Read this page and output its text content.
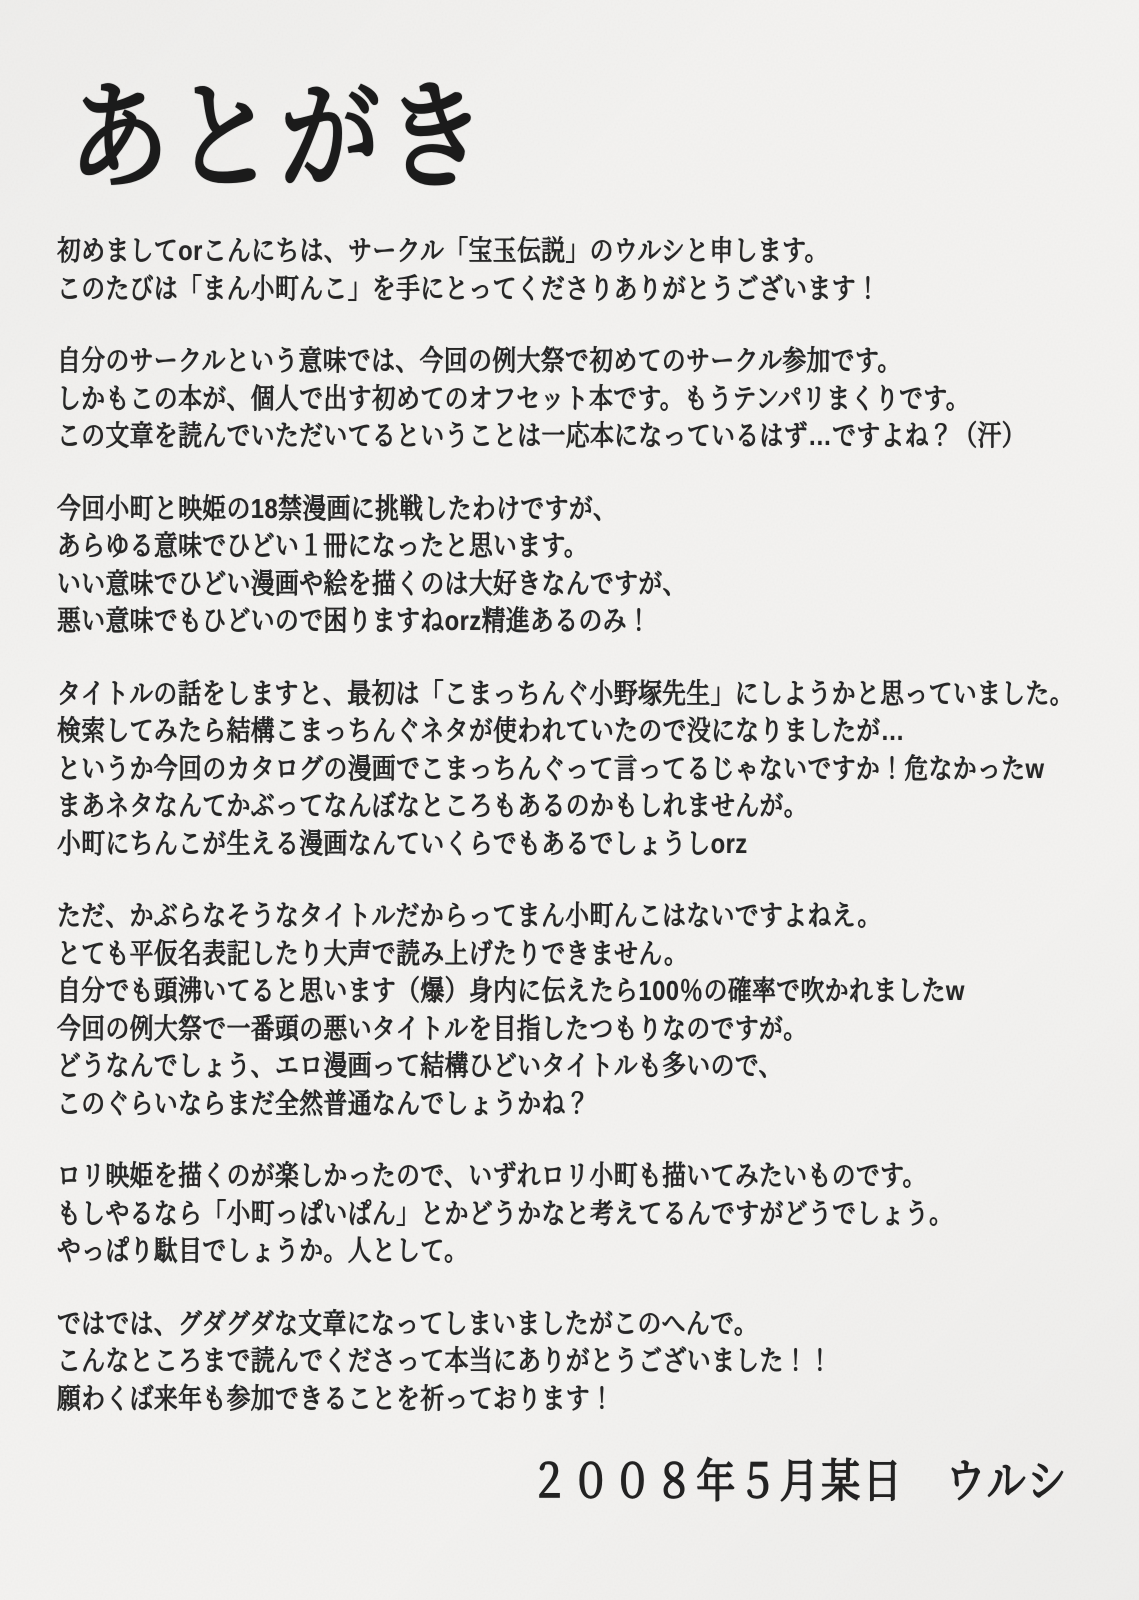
あとがき
初めましてorこんにちは、サークル「宝玉伝説」のウルシと申します。
このたびは「まん小町んこ」を手にとってくださりありがとうございます！
自分のサークルという意味では、今回の例大祭で初めてのサークル参加です。
しかもこの本が、個人で出す初めてのオフセット本です。もうテンパリまくりです。
この文章を読んでいただいてるということは一応本になっているはず…ですよね？（汗）
今回小町と映姫の18禁漫画に挑戦したわけですが、
あらゆる意味でひどい１冊になったと思います。
いい意味でひどい漫画や絵を描くのは大好きなんですが、
悪い意味でもひどいので困りますねorz精進あるのみ！
タイトルの話をしますと、最初は「こまっちんぐ小野塚先生」にしようかと思っていました。
検索してみたら結構こまっちんぐネタが使われていたので没になりましたが…
というか今回のカタログの漫画でこまっちんぐって言ってるじゃないですか！危なかったw
まあネタなんてかぶってなんぼなところもあるのかもしれませんが。
小町にちんこが生える漫画なんていくらでもあるでしょうしorz
ただ、かぶらなそうなタイトルだからってまん小町んこはないですよねえ。
とても平仮名表記したり大声で読み上げたりできません。
自分でも頭沸いてると思います（爆）身内に伝えたら100％の確率で吹かれましたw
今回の例大祭で一番頭の悪いタイトルを目指したつもりなのですが。
どうなんでしょう、エロ漫画って結構ひどいタイトルも多いので、
このぐらいならまだ全然普通なんでしょうかね？
ロリ映姫を描くのが楽しかったので、いずれロリ小町も描いてみたいものです。
もしやるなら「小町っぱいぱん」とかどうかなと考えてるんですがどうでしょう。
やっぱり駄目でしょうか。人として。
ではでは、グダグダな文章になってしまいましたがこのへんで。
こんなところまで読んでくださって本当にありがとうございました！！
願わくば来年も参加できることを祈っております！
２００８年５月某日　ウルシ
